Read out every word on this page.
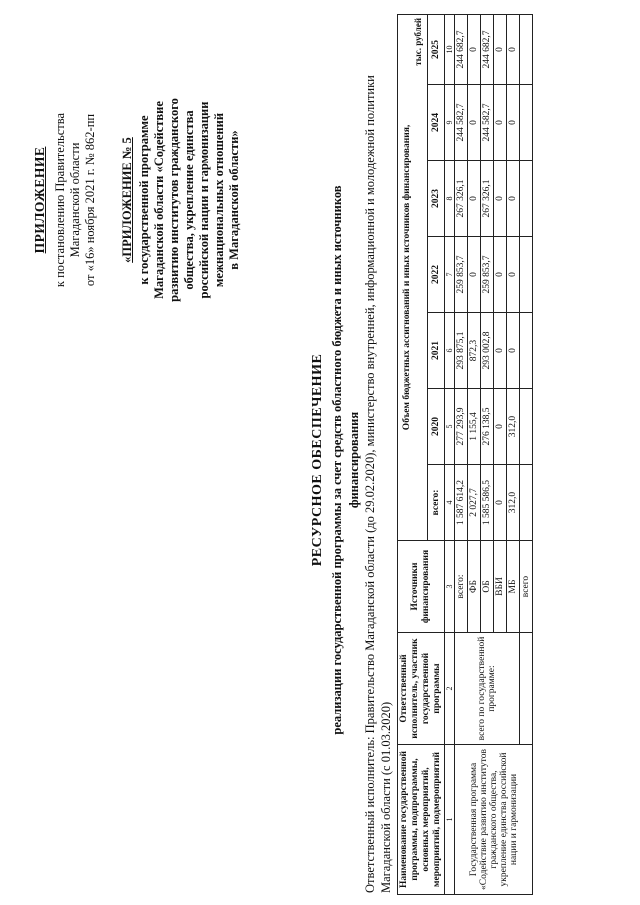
ПРИЛОЖЕНИЕ к постановлению Правительства Магаданской области от «16» ноября 2021 г. № 862-пп «ПРИЛОЖЕНИЕ № 5 к государственной программе Магаданской области «Содействие развитию институтов гражданского общества, укрепление единства российской нации и гармонизации межнациональных отношений в Магаданской области»
РЕСУРСНОЕ ОБЕСПЕЧЕНИЕ реализации государственной программы за счет средств областного бюджета и иных источников финансирования Ответственный исполнитель: Правительство Магаданской области (до 29.02.2020), министерство внутренней, информационной и молодежной политики Магаданской области (с 01.03.2020) Наименование государственной программы, подпрограммы, основных мероприятий, мероприятий, подмероприятий	Ответственный исполнитель, участник государственной программы	Источники финансирования	Объем бюджетных ассигнований и иных источников финансирования,
тыс. рублей						

			всего:	2020	2021	2022	2023	2024	2025
1	2	3	4	5	6	7	8	9	10
Государственная программа «Содействие развитию институтов гражданского общества, укрепление единства российской нации и гармонизации	всего по государственной программе:	всего:	1 587 614,2	277 293,9	293 875,1	259 853,7	267 326,1	244 582,7	244 682,7
		ФБ	2 027,7	1 155,4	872,3	0	0	0	0
		ОБ	1 585 586,5	276 138,5	293 002,8	259 853,7	267 326,1	244 582,7	244 682,7
		ВБИ	0	0	0	0	0	0	0
		МБ	312,0	312,0	0	0	0	0	0
		всего							
